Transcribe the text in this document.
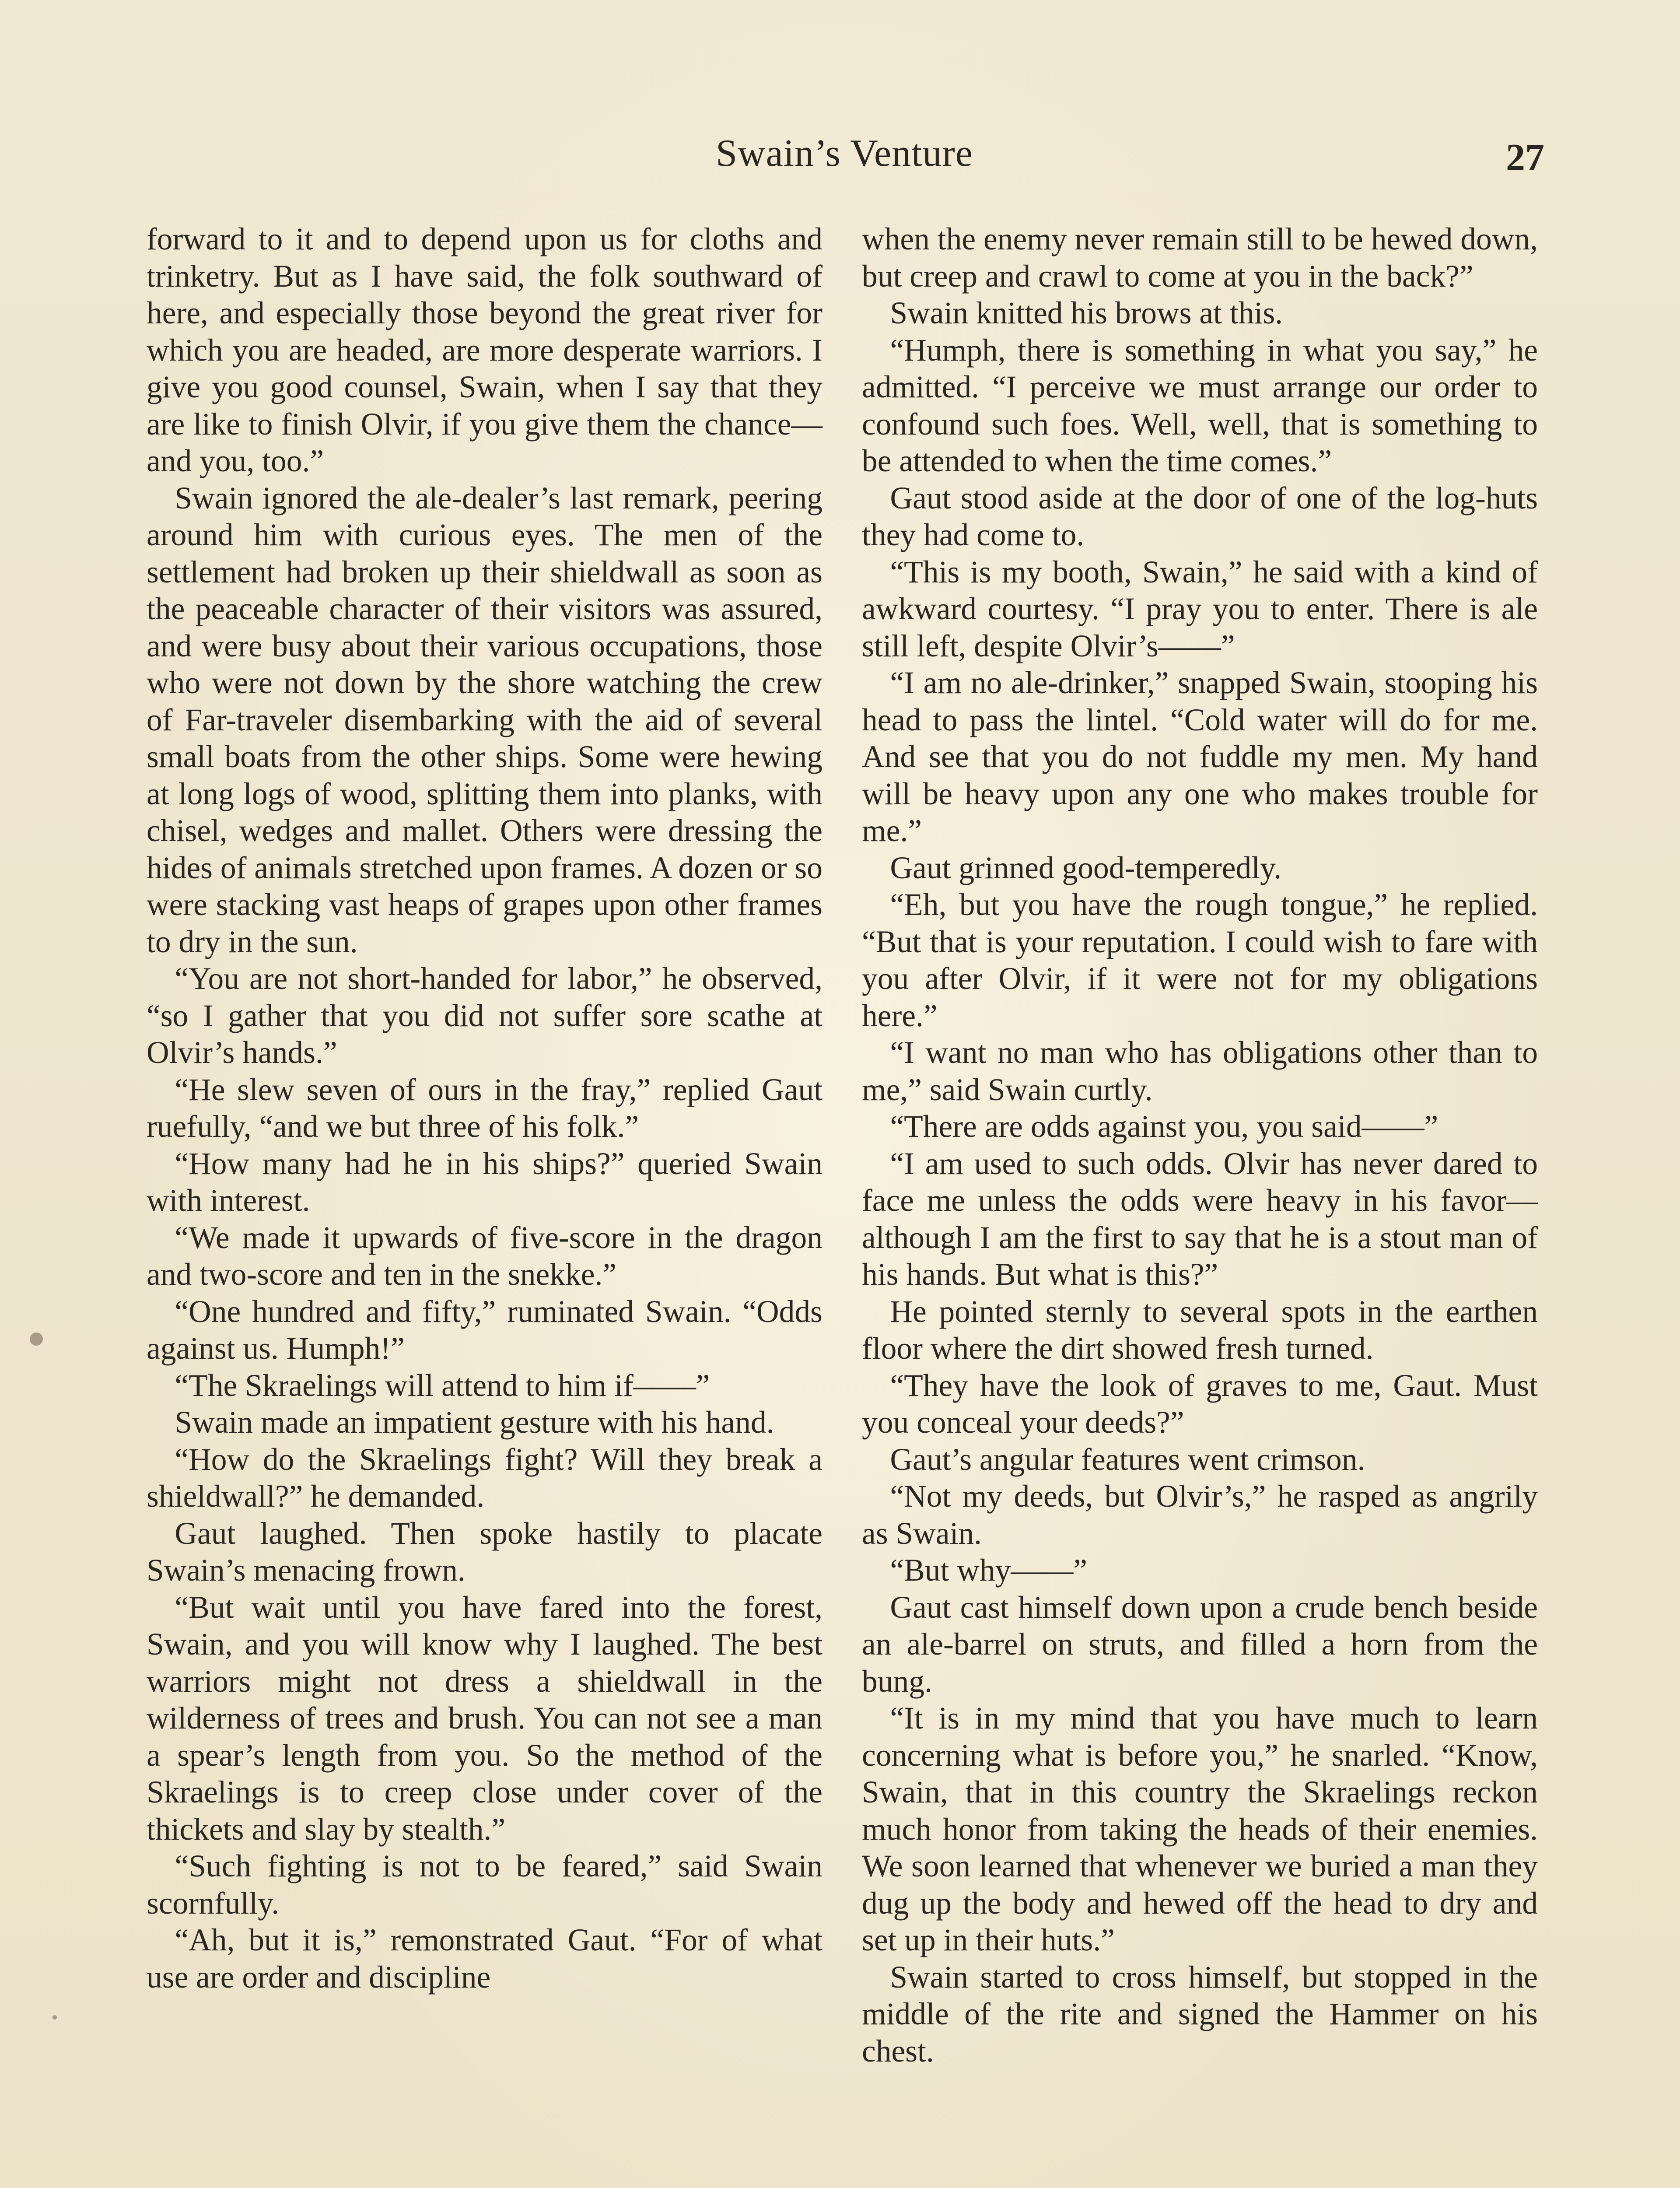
Swain’s Venture	27

forward to it and to depend upon us for cloths and trinketry. But as I have said, the folk southward of here, and especially those beyond the great river for which you are headed, are more desperate warriors. I give you good counsel, Swain, when I say that they are like to finish Olvir, if you give them the chance—and you, too.”

Swain ignored the ale-dealer’s last remark, peering around him with curious eyes. The men of the settlement had broken up their shieldwall as soon as the peaceable character of their visitors was assured, and were busy about their various occupations, those who were not down by the shore watching the crew of Far-traveler disembarking with the aid of several small boats from the other ships. Some were hewing at long logs of wood, splitting them into planks, with chisel, wedges and mallet. Others were dressing the hides of animals stretched upon frames. A dozen or so were stacking vast heaps of grapes upon other frames to dry in the sun.

“You are not short-handed for labor,” he observed, “so I gather that you did not suffer sore scathe at Olvir’s hands.”

“He slew seven of ours in the fray,” replied Gaut ruefully, “and we but three of his folk.”

“How many had he in his ships?” queried Swain with interest.

“We made it upwards of five-score in the dragon and two-score and ten in the snekke.”

“One hundred and fifty,” ruminated Swain. “Odds against us. Humph!”

“The Skraelings will attend to him if——”

Swain made an impatient gesture with his hand.

“How do the Skraelings fight? Will they break a shieldwall?” he demanded.

Gaut laughed. Then spoke hastily to placate Swain’s menacing frown.

“But wait until you have fared into the forest, Swain, and you will know why I laughed. The best warriors might not dress a shieldwall in the wilderness of trees and brush. You can not see a man a spear’s length from you. So the method of the Skraelings is to creep close under cover of the thickets and slay by stealth.”

“Such fighting is not to be feared,” said Swain scornfully.

“Ah, but it is,” remonstrated Gaut. “For of what use are order and discipline

when the enemy never remain still to be hewed down, but creep and crawl to come at you in the back?”

Swain knitted his brows at this.

“Humph, there is something in what you say,” he admitted. “I perceive we must arrange our order to confound such foes. Well, well, that is something to be attended to when the time comes.”

Gaut stood aside at the door of one of the log-huts they had come to.

“This is my booth, Swain,” he said with a kind of awkward courtesy. “I pray you to enter. There is ale still left, despite Olvir’s——”

“I am no ale-drinker,” snapped Swain, stooping his head to pass the lintel. “Cold water will do for me. And see that you do not fuddle my men. My hand will be heavy upon any one who makes trouble for me.”

Gaut grinned good-temperedly.

“Eh, but you have the rough tongue,” he replied. “But that is your reputation. I could wish to fare with you after Olvir, if it were not for my obligations here.”

“I want no man who has obligations other than to me,” said Swain curtly.

“There are odds against you, you said——”

“I am used to such odds. Olvir has never dared to face me unless the odds were heavy in his favor—although I am the first to say that he is a stout man of his hands. But what is this?”

He pointed sternly to several spots in the earthen floor where the dirt showed fresh turned.

“They have the look of graves to me, Gaut. Must you conceal your deeds?”

Gaut’s angular features went crimson.

“Not my deeds, but Olvir’s,” he rasped as angrily as Swain.

“But why——”

Gaut cast himself down upon a crude bench beside an ale-barrel on struts, and filled a horn from the bung.

“It is in my mind that you have much to learn concerning what is before you,” he snarled. “Know, Swain, that in this country the Skraelings reckon much honor from taking the heads of their enemies. We soon learned that whenever we buried a man they dug up the body and hewed off the head to dry and set up in their huts.”

Swain started to cross himself, but stopped in the middle of the rite and signed the Hammer on his chest.
